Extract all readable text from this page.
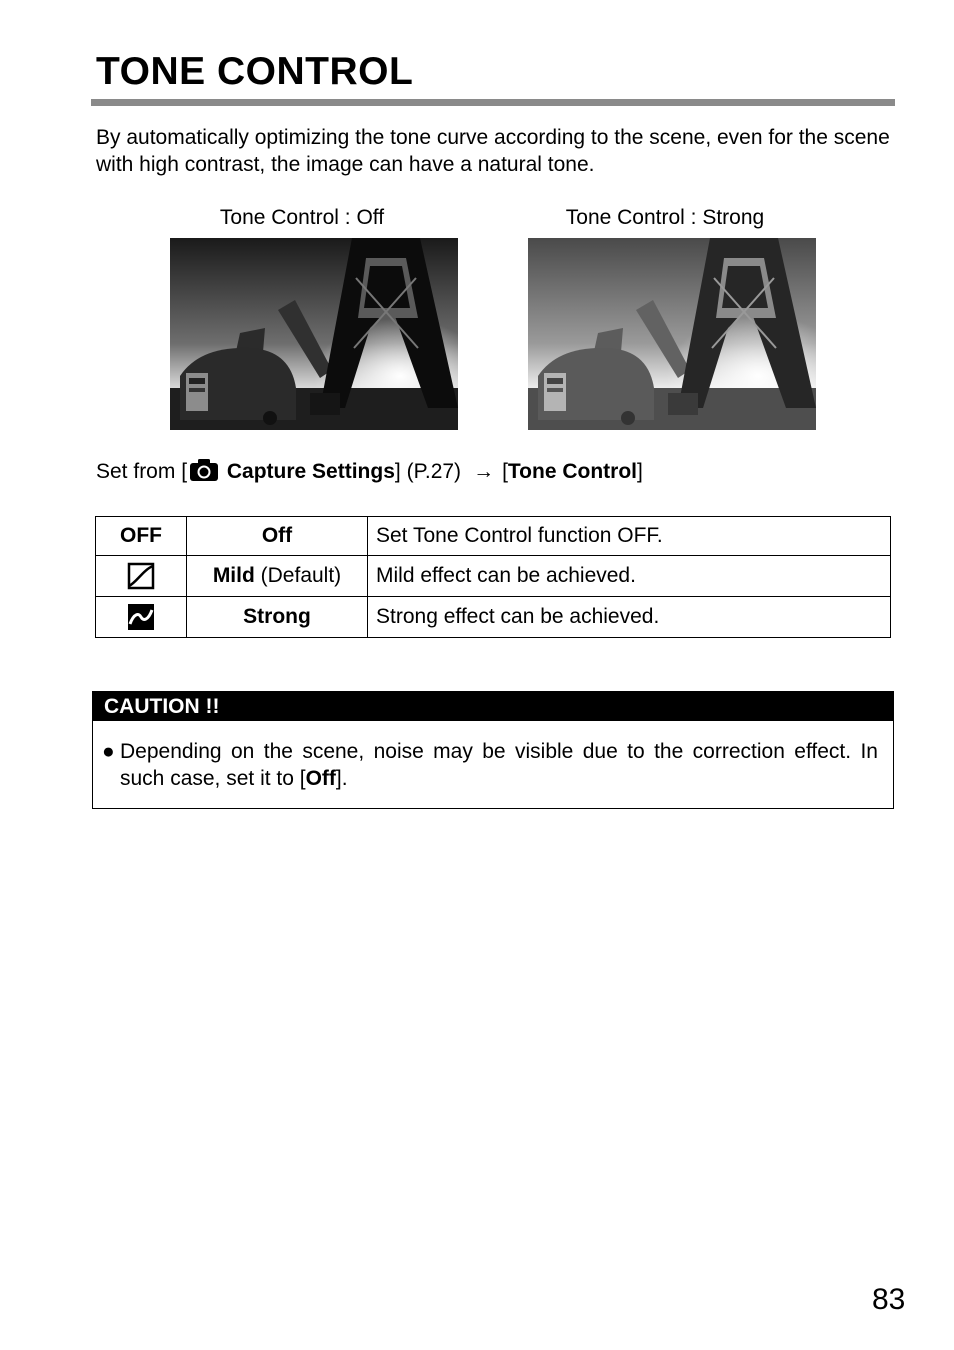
TONE CONTROL

By automatically optimizing the tone curve according to the scene, even for the scene with high contrast, the image can have a natural tone.

Tone Control : Off	Tone Control : Strong
Set from [ Capture Settings] (P.27) → [Tone Control]
OFF	Off	Set Tone Control function OFF.

	Mild (Default)	Mild effect can be achieved.

	Strong	Strong effect can be achieved.
CAUTION !!
● Depending on the scene, noise may be visible due to the correction effect. In such case, set it to [Off].
83
